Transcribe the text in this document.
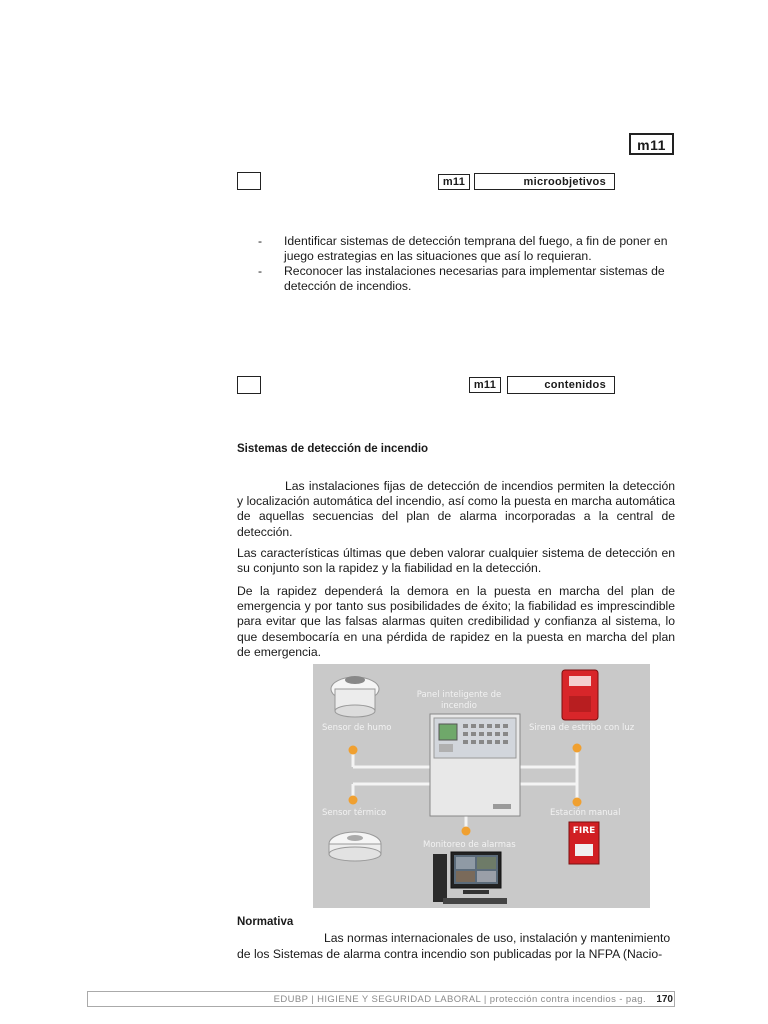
m11
m11	microobjetivos
- Identificar sistemas de detección temprana del fuego, a fin de poner en juego estrategias en las situaciones que así lo requieran.
- Reconocer las instalaciones necesarias para implementar sistemas de detección de incendios.
m11	contenidos
Sistemas de detección de incendio

Las instalaciones fijas de detección de incendios permiten la detección y localización automática del incendio, así como la puesta en marcha automática de aquellas secuencias del plan de alarma incorporadas a la central de detección.

Las características últimas que deben valorar cualquier sistema de detección en su conjunto son la rapidez y la fiabilidad en la detección.

De la rapidez dependerá la demora en la puesta en marcha del plan de emergencia y por tanto sus posibilidades de éxito; la fiabilidad es imprescindible para evitar que las falsas alarmas quiten credibilidad y confianza al sistema, lo que desembocaría en una pérdida de rapidez en la puesta en marcha del plan de emergencia.

Panel inteligente de
incendio
Sensor de humo	Sirena de estribo con luz
Sensor térmico	Estación manual
Monitoreo de alarmas
FIRE
Normativa
Las normas internacionales de uso, instalación y mantenimiento
de los Sistemas de alarma contra incendio son publicadas por la NFPA (Nacio-
EDUBP | HIGIENE Y SEGURIDAD LABORAL | protección contra incendios - pag. 170
